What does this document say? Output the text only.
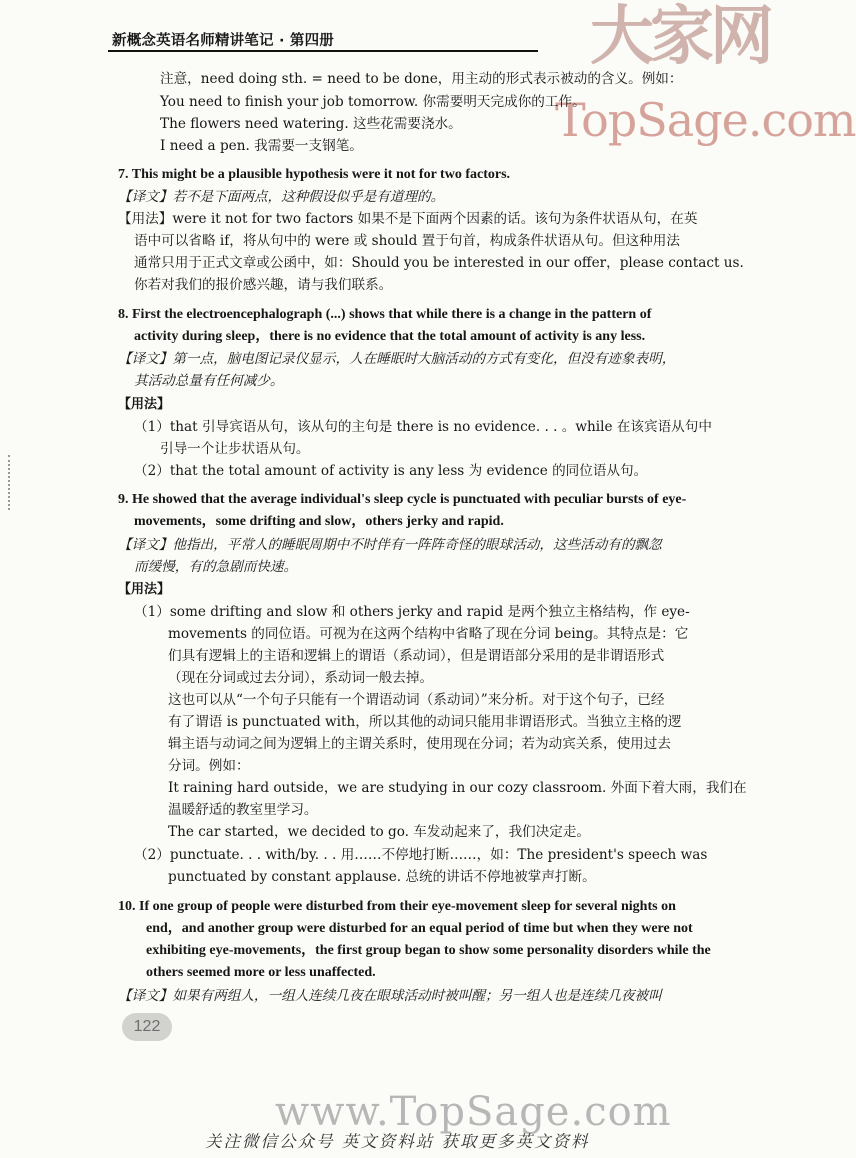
新概念英语名师精讲笔记 · 第四册	大家网
TopSage.com
注意，need doing sth. = need to be done，用主动的形式表示被动的含义。例如：
You need to finish your job tomorrow. 你需要明天完成你的工作。
The flowers need watering. 这些花需要浇水。
I need a pen. 我需要一支钢笔。
7. This might be a plausible hypothesis were it not for two factors.
【译文】若不是下面两点，这种假设似乎是有道理的。
【用法】were it not for two factors 如果不是下面两个因素的话。该句为条件状语从句，在英
语中可以省略 if，将从句中的 were 或 should 置于句首，构成条件状语从句。但这种用法
通常只用于正式文章或公函中，如：Should you be interested in our offer，please contact us.
你若对我们的报价感兴趣，请与我们联系。
8. First the electroencephalograph (...) shows that while there is a change in the pattern of
activity during sleep，there is no evidence that the total amount of activity is any less.
【译文】第一点，脑电图记录仪显示，人在睡眠时大脑活动的方式有变化，但没有迹象表明，
其活动总量有任何减少。
【用法】
（1）that 引导宾语从句，该从句的主句是 there is no evidence. . . 。while 在该宾语从句中
引导一个让步状语从句。
（2）that the total amount of activity is any less 为 evidence 的同位语从句。
9. He showed that the average individual's sleep cycle is punctuated with peculiar bursts of eye-
movements，some drifting and slow，others jerky and rapid.
【译文】他指出，平常人的睡眠周期中不时伴有一阵阵奇怪的眼球活动，这些活动有的飘忽
而缓慢，有的急剧而快速。
【用法】
（1）some drifting and slow 和 others jerky and rapid 是两个独立主格结构，作 eye-
movements 的同位语。可视为在这两个结构中省略了现在分词 being。其特点是：它
们具有逻辑上的主语和逻辑上的谓语（系动词），但是谓语部分采用的是非谓语形式
（现在分词或过去分词），系动词一般去掉。
这也可以从“一个句子只能有一个谓语动词（系动词）”来分析。对于这个句子，已经
有了谓语 is punctuated with，所以其他的动词只能用非谓语形式。当独立主格的逻
辑主语与动词之间为逻辑上的主谓关系时，使用现在分词；若为动宾关系，使用过去
分词。例如：
It raining hard outside，we are studying in our cozy classroom. 外面下着大雨，我们在
温暖舒适的教室里学习。
The car started，we decided to go. 车发动起来了，我们决定走。
（2）punctuate. . . with/by. . . 用……不停地打断……，如：The president's speech was
punctuated by constant applause. 总统的讲话不停地被掌声打断。
10. If one group of people were disturbed from their eye-movement sleep for several nights on
end，and another group were disturbed for an equal period of time but when they were not
exhibiting eye-movements，the first group began to show some personality disorders while the
others seemed more or less unaffected.
【译文】如果有两组人，一组人连续几夜在眼球活动时被叫醒；另一组人也是连续几夜被叫
122
www.TopSage.com
关注微信公众号 英文资料站 获取更多英文资料
